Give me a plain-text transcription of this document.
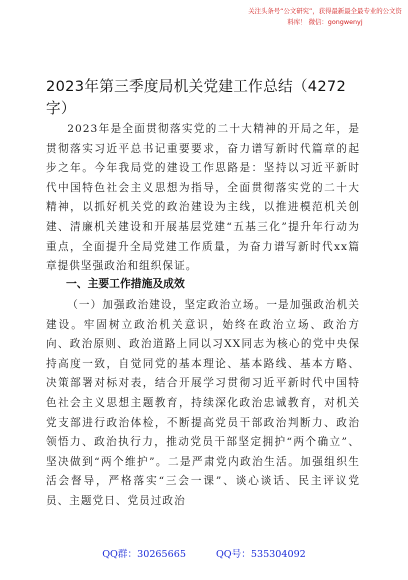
关注头条号“公文研究”，获得最新最全最专业的公文资料库！ 微信：gongwenyj
2023年第三季度局机关党建工作总结（4272字）
2023年是全面贯彻落实党的二十大精神的开局之年，是贯彻落实习近平总书记重要要求，奋力谱写新时代篇章的起步之年。今年我局党的建设工作思路是：坚持以习近平新时代中国特色社会主义思想为指导，全面贯彻落实党的二十大精神，以抓好机关党的政治建设为主线，以推进模范机关创建、清廉机关建设和开展基层党建“五基三化”提升年行动为重点，全面提升全局党建工作质量，为奋力谱写新时代xx篇章提供坚强政治和组织保证。
一、主要工作措施及成效
（一）加强政治建设，坚定政治立场。一是加强政治机关建设。牢固树立政治机关意识，始终在政治立场、政治方向、政治原则、政治道路上同以习XX同志为核心的党中央保持高度一致，自觉同党的基本理论、基本路线、基本方略、决策部署对标对表，结合开展学习贯彻习近平新时代中国特色社会主义思想主题教育，持续深化政治忠诚教育，对机关党支部进行政治体检，不断提高党员干部政治判断力、政治领悟力、政治执行力，推动党员干部坚定拥护“两个确立”、坚决做到“两个维护”。二是严肃党内政治生活。加强组织生活会督导，严格落实“三会一课”、谈心谈话、民主评议党员、主题党日、党员过政治
QQ群：30265665	QQ号：535304092
